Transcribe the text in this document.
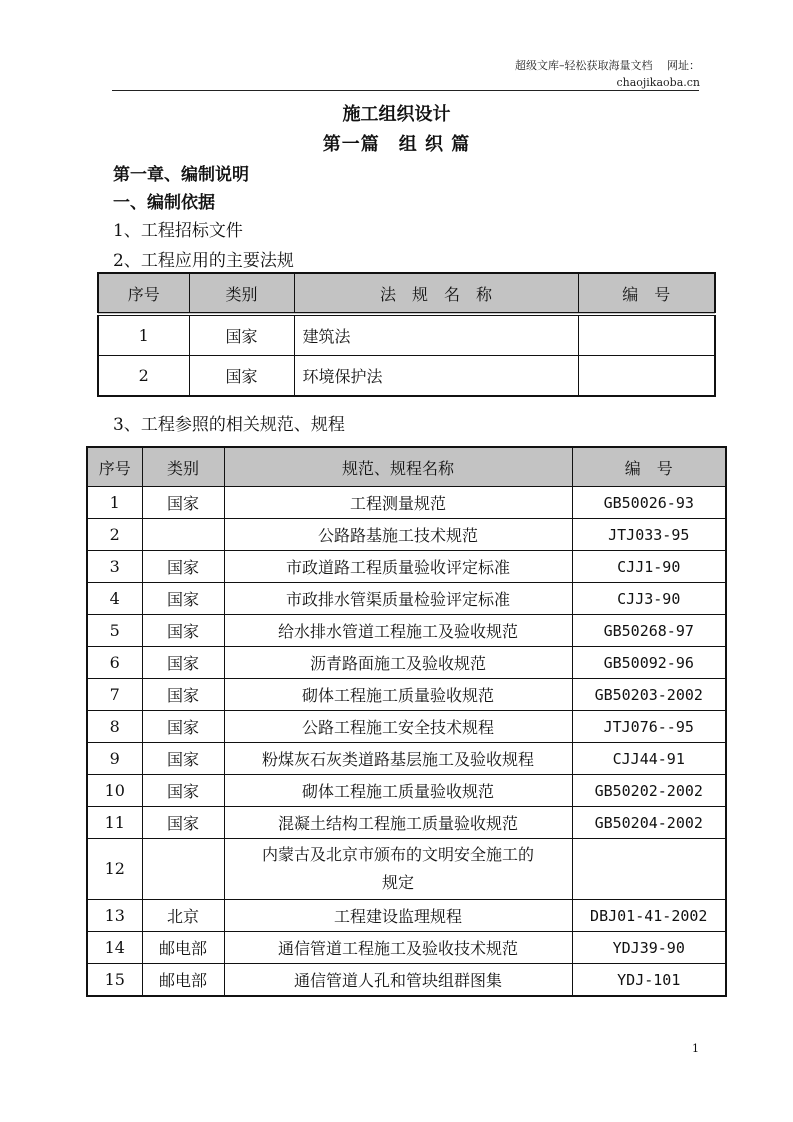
超级文库–轻松获取海量文档　 网址：
chaojikaoba.cn
施工组织设计
第一篇　组 织 篇
第一章、编制说明
一、编制依据
1、工程招标文件
2、工程应用的主要法规
序号	类别	法　规　名　称	编　号
1	国家	建筑法	
2	国家	环境保护法	
3、工程参照的相关规范、规程
序号	类别	规范、规程名称	编　号
1	国家	工程测量规范	GB50026-93
2		公路路基施工技术规范	JTJ033-95
3	国家	市政道路工程质量验收评定标准	CJJ1-90
4	国家	市政排水管渠质量检验评定标准	CJJ3-90
5	国家	给水排水管道工程施工及验收规范	GB50268-97
6	国家	沥青路面施工及验收规范	GB50092-96
7	国家	砌体工程施工质量验收规范	GB50203-2002
8	国家	公路工程施工安全技术规程	JTJ076--95
9	国家	粉煤灰石灰类道路基层施工及验收规程	CJJ44-91
10	国家	砌体工程施工质量验收规范	GB50202-2002
11	国家	混凝土结构工程施工质量验收规范	GB50204-2002
12		内蒙古及北京市颁布的文明安全施工的
规定	

13	北京	工程建设监理规程	DBJ01-41-2002
14	邮电部	通信管道工程施工及验收技术规范	YDJ39-90
15	邮电部	通信管道人孔和管块组群图集	YDJ-101
1
